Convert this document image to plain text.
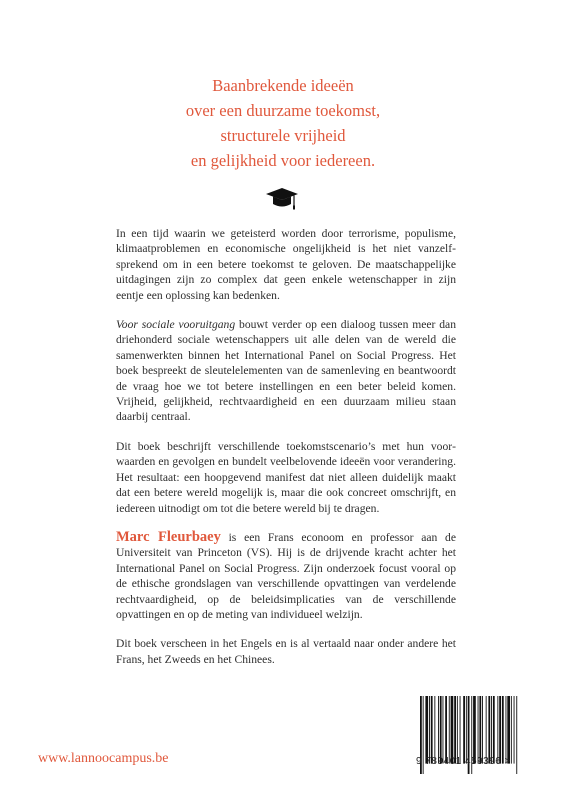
Baanbrekende ideeën
over een duurzame toekomst,
structurele vrijheid
en gelijkheid voor iedereen.

In een tijd waarin we geteisterd worden door terrorisme, populisme, klimaatproblemen en economische ongelijkheid is het niet vanzelfsprekend om in een betere toekomst te geloven. De maatschappelijke uitdagingen zijn zo complex dat geen enkele wetenschapper in zijn eentje een oplossing kan bedenken.

Voor sociale vooruitgang bouwt verder op een dialoog tussen meer dan driehonderd sociale wetenschappers uit alle delen van de wereld die samenwerkten binnen het International Panel on Social Progress. Het boek bespreekt de sleutelelementen van de samenleving en beantwoordt de vraag hoe we tot betere instellingen en een beter beleid komen. Vrijheid, gelijkheid, rechtvaardigheid en een duurzaam milieu staan daarbij centraal.

Dit boek beschrijft verschillende toekomstscenario’s met hun voorwaarden en gevolgen en bundelt veelbelovende ideeën voor verandering. Het resultaat: een hoopgevend manifest dat niet alleen duidelijk maakt dat een betere wereld mogelijk is, maar die ook concreet omschrijft, en iedereen uitnodigt om tot die betere wereld bij te dragen.

Marc Fleurbaey is een Frans econoom en professor aan de Universiteit van Princeton (VS). Hij is de drijvende kracht achter het International Panel on Social Progress. Zijn onderzoek focust vooral op de ethische grondslagen van verschillende opvattingen van verdelende rechtvaardigheid, op de beleidsimplicaties van de verschillende opvattingen en op de meting van individueel welzijn.

Dit boek verscheen in het Engels en is al vertaald naar onder andere het Frans, het Zweeds en het Chinees.

9 789401 459396 >
www.lannoocampus.be
